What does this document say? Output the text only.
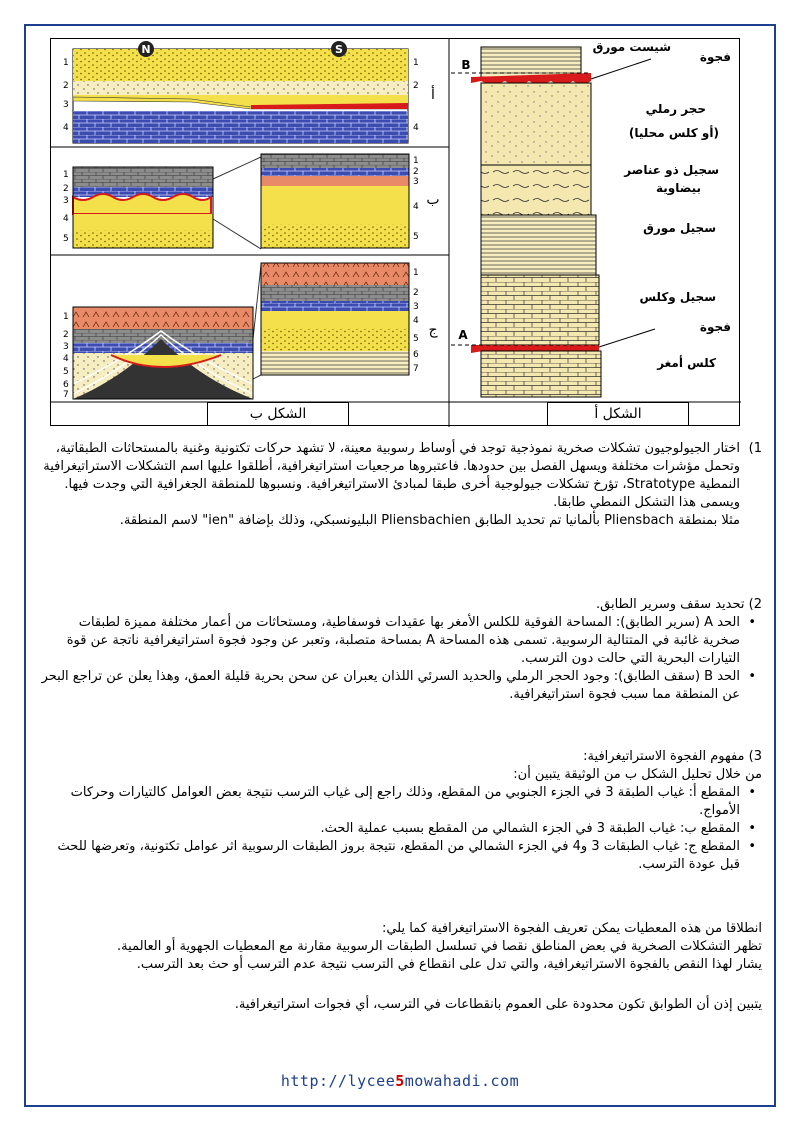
N	S
1
2
3
4
1
2
4
أ
1
2
3
4
5
1
2
3
4
5
ب
1
2
3
4
5
6
7
1
2
3
4
5
6
7
ج
فجوة
شيست مورق
B
حجر رملي
(أو كلس محليا)
سجيل ذو عناصر
بيضاوية
سجيل مورق
سجيل وكلس
فجوة
A
كلس أمغر
الشكل ب	الشكل أ

1)
اختار الجيولوجيون تشكلات صخرية نموذجية توجد في أوساط رسوبية معينة، لا تشهد حركات تكتونية وغنية بالمستحاثات الطبقاتية، وتحمل مؤشرات مختلفة ويسهل الفصل بين حدودها. فاعتبروها مرجعيات استراتيغرافية، أطلقوا عليها اسم التشكلات الاستراتيغرافية النمطية Stratotype، تؤرخ تشكلات جيولوجية أخرى طبقا لمبادئ الاستراتيغرافية. ونسبوها للمنطقة الجغرافية التي وجدت فيها. ويسمى هذا التشكل النمطي طابقا.

مثلا بمنطقة Pliensbach بألمانيا تم تحديد الطابق Pliensbachien البليونسبكي، وذلك بإضافة "ien" لاسم المنطقة.

2) تحديد سقف وسرير الطابق.

• الحد A (سرير الطابق): المساحة الفوقية للكلس الأمغر بها عقيدات فوسفاطية، ومستحاثات من أعمار مختلفة مميزة لطبقات صخرية غائبة في المتتالية الرسوبية. تسمى هذه المساحة A بمساحة متصلبة، وتعبر عن وجود فجوة استراتيغرافية ناتجة عن قوة التيارات البحرية التي حالت دون الترسب.

• الحد B (سقف الطابق): وجود الحجر الرملي والحديد السرئي اللذان يعبران عن سحن بحرية قليلة العمق، وهذا يعلن عن تراجع البحر عن المنطقة مما سبب فجوة استراتيغرافية.

3) مفهوم الفجوة الاستراتيغرافية:

من خلال تحليل الشكل ب من الوثيقة يتبين أن:

• المقطع أ: غياب الطبقة 3 في الجزء الجنوبي من المقطع، وذلك راجع إلى غياب الترسب نتيجة بعض العوامل كالتيارات وحركات الأمواج.

• المقطع ب: غياب الطبقة 3 في الجزء الشمالي من المقطع بسبب عملية الحث.

• المقطع ج: غياب الطبقات 3 و4 في الجزء الشمالي من المقطع، نتيجة بروز الطبقات الرسوبية اثر عوامل تكتونية، وتعرضها للحث قبل عودة الترسب.

انطلاقا من هذه المعطيات يمكن تعريف الفجوة الاستراتيغرافية كما يلي:

تظهر التشكلات الصخرية في بعض المناطق نقصا في تسلسل الطبقات الرسوبية مقارنة مع المعطيات الجهوية أو العالمية.

يشار لهذا النقص بالفجوة الاستراتيغرافية، والتي تدل على انقطاع في الترسب نتيجة عدم الترسب أو حث بعد الترسب.

يتبين إذن أن الطوابق تكون محدودة على العموم بانقطاعات في الترسب، أي فجوات استراتيغرافية.

http://lycee5mowahadi.com
